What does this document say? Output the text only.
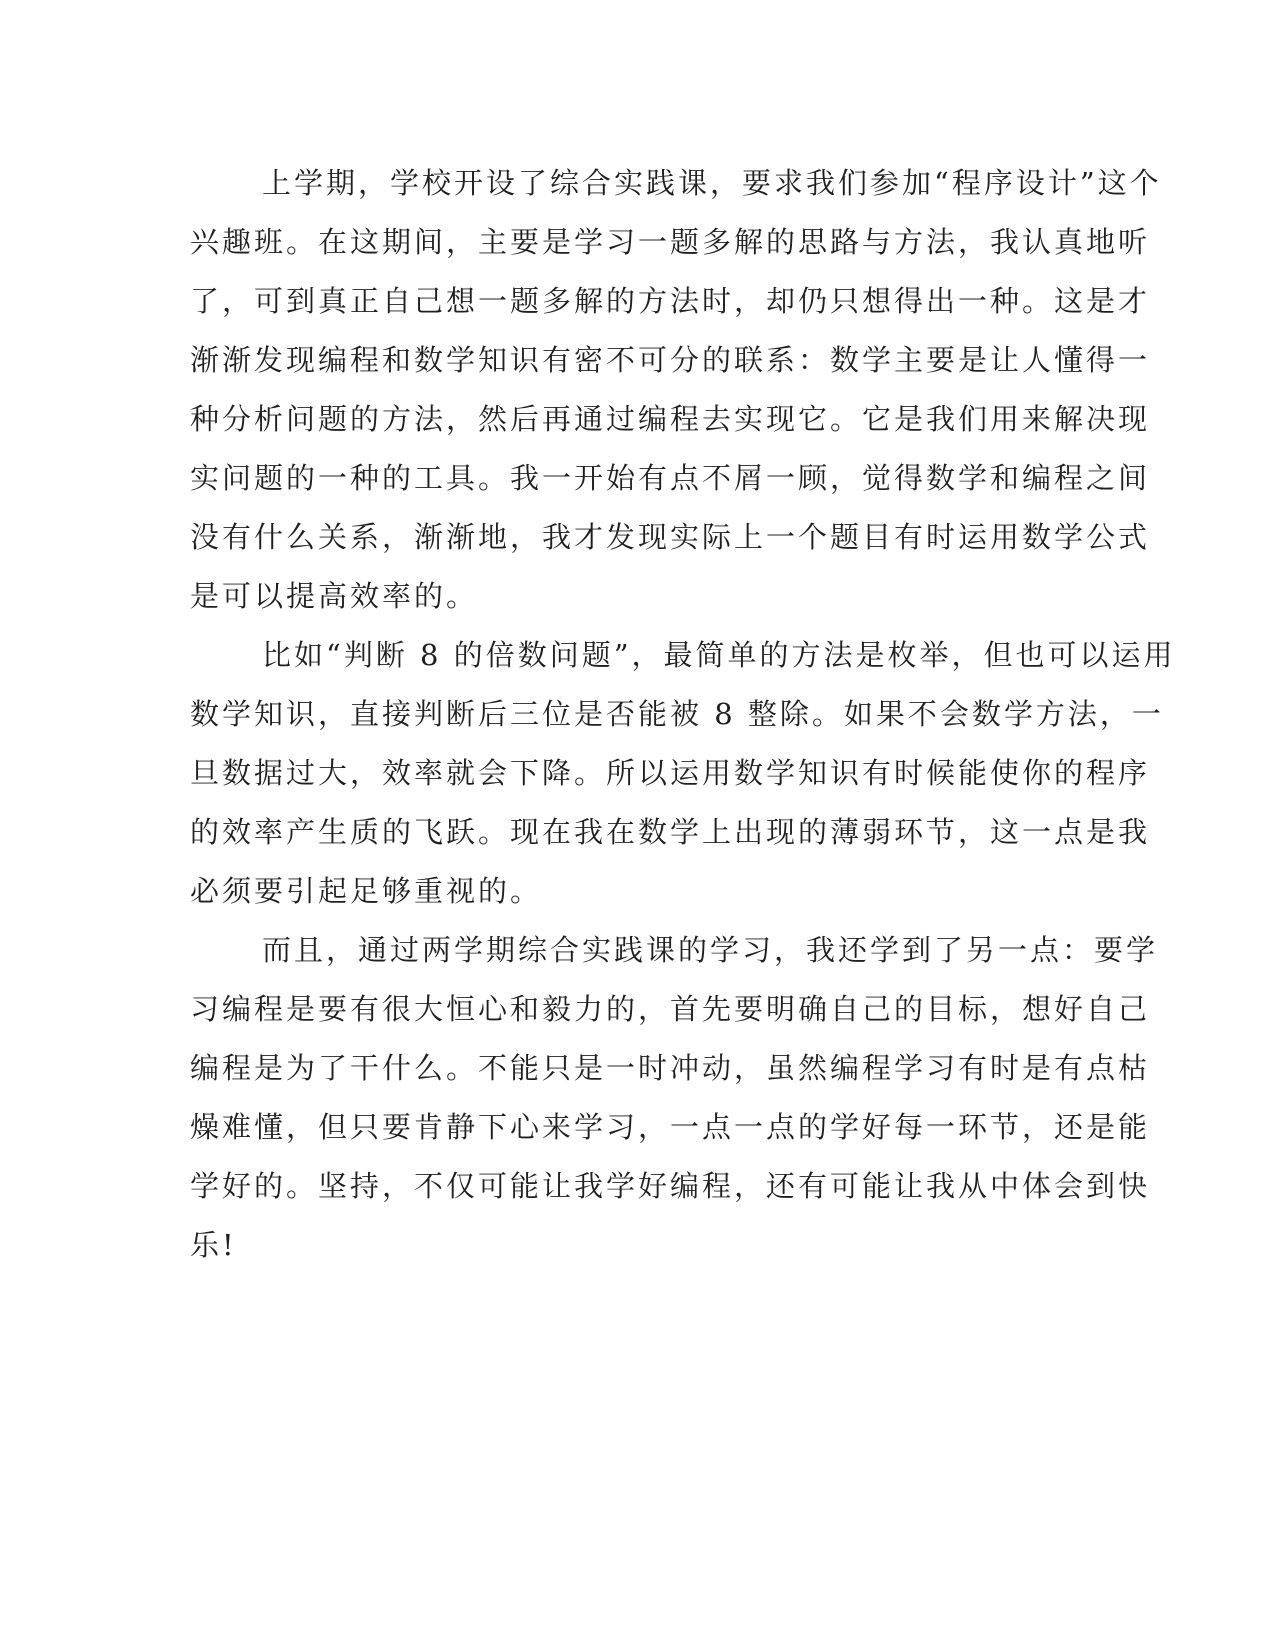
上学期，学校开设了综合实践课，要求我们参加“程序设计”这个
兴趣班。在这期间，主要是学习一题多解的思路与方法，我认真地听
了，可到真正自己想一题多解的方法时，却仍只想得出一种。这是才
渐渐发现编程和数学知识有密不可分的联系：数学主要是让人懂得一
种分析问题的方法，然后再通过编程去实现它。它是我们用来解决现
实问题的一种的工具。我一开始有点不屑一顾，觉得数学和编程之间
没有什么关系，渐渐地，我才发现实际上一个题目有时运用数学公式
是可以提高效率的。
比如“判断 8 的倍数问题”，最简单的方法是枚举，但也可以运用
数学知识，直接判断后三位是否能被 8 整除。如果不会数学方法，一
旦数据过大，效率就会下降。所以运用数学知识有时候能使你的程序
的效率产生质的飞跃。现在我在数学上出现的薄弱环节，这一点是我
必须要引起足够重视的。
而且，通过两学期综合实践课的学习，我还学到了另一点：要学
习编程是要有很大恒心和毅力的，首先要明确自己的目标，想好自己
编程是为了干什么。不能只是一时冲动，虽然编程学习有时是有点枯
燥难懂，但只要肯静下心来学习，一点一点的学好每一环节，还是能
学好的。坚持，不仅可能让我学好编程，还有可能让我从中体会到快
乐!
